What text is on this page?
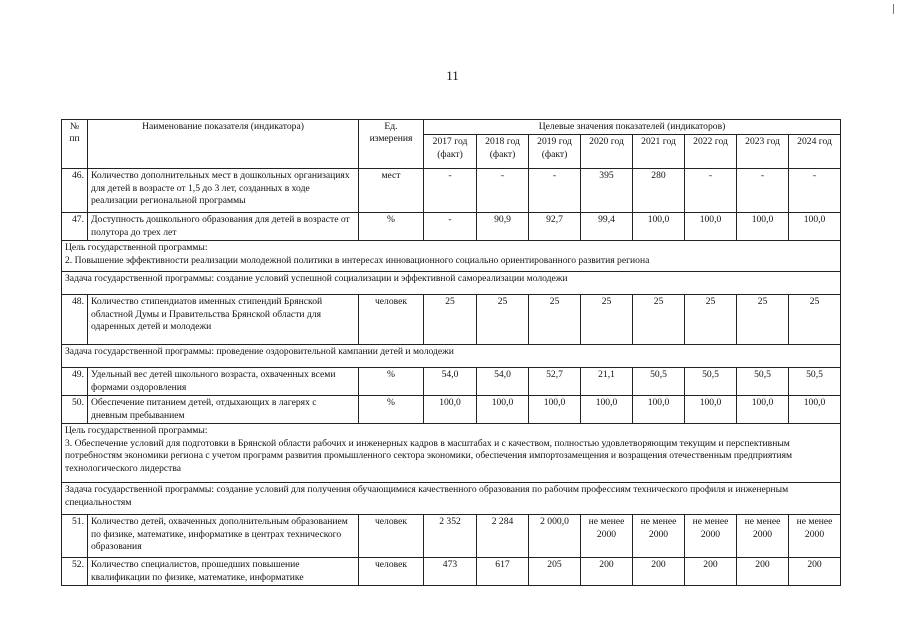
11
№ пп	Наименование показателя (индикатора)	Ед. измерения	Целевые значения показателей (индикаторов)							
			2017 год (факт)	2018 год (факт)	2019 год (факт)	2020 год	2021 год	2022 год	2023 год	2024 год
46.	Количество дополнительных мест в дошкольных организациях для детей в возрасте от 1,5 до 3 лет, созданных в ходе реализации региональной программы	мест	-	-	-	395	280	-	-	-
47.	Доступность дошкольного образования для детей в возрасте от полутора до трех лет	%	-	90,9	92,7	99,4	100,0	100,0	100,0	100,0
Цель государственной программы:
2. Повышение эффективности реализации молодежной политики в интересах инновационного социально ориентированного развития региона										
Задача государственной программы: создание условий успешной социализации и эффективной самореализации молодежи										
48.	Количество стипендиатов именных стипендий Брянской областной Думы и Правительства Брянской области для одаренных детей и молодежи	человек	25	25	25	25	25	25	25	25
Задача государственной программы: проведение оздоровительной кампании детей и молодежи										
49.	Удельный вес детей школьного возраста, охваченных всеми формами оздоровления	%	54,0	54,0	52,7	21,1	50,5	50,5	50,5	50,5
50.	Обеспечение питанием детей, отдыхающих в лагерях с дневным пребыванием	%	100,0	100,0	100,0	100,0	100,0	100,0	100,0	100,0
Цель государственной программы:
3. Обеспечение условий для подготовки в Брянской области рабочих и инженерных кадров в масштабах и с качеством, полностью удовлетворяющим текущим и перспективным потребностям экономики региона с учетом программ развития промышленного сектора экономики, обеспечения импортозамещения и возращения отечественным предприятиям технологического лидерства										
Задача государственной программы: создание условий для получения обучающимися качественного образования по рабочим профессиям технического профиля и инженерным специальностям										
51.	Количество детей, охваченных дополнительным образованием по физике, математике, информатике в центрах технического образования	человек	2 352	2 284	2 000,0	не менее 2000	не менее 2000	не менее 2000	не менее 2000	не менее 2000
52.	Количество специалистов, прошедших повышение квалификации по физике, математике, информатике	человек	473	617	205	200	200	200	200	200
